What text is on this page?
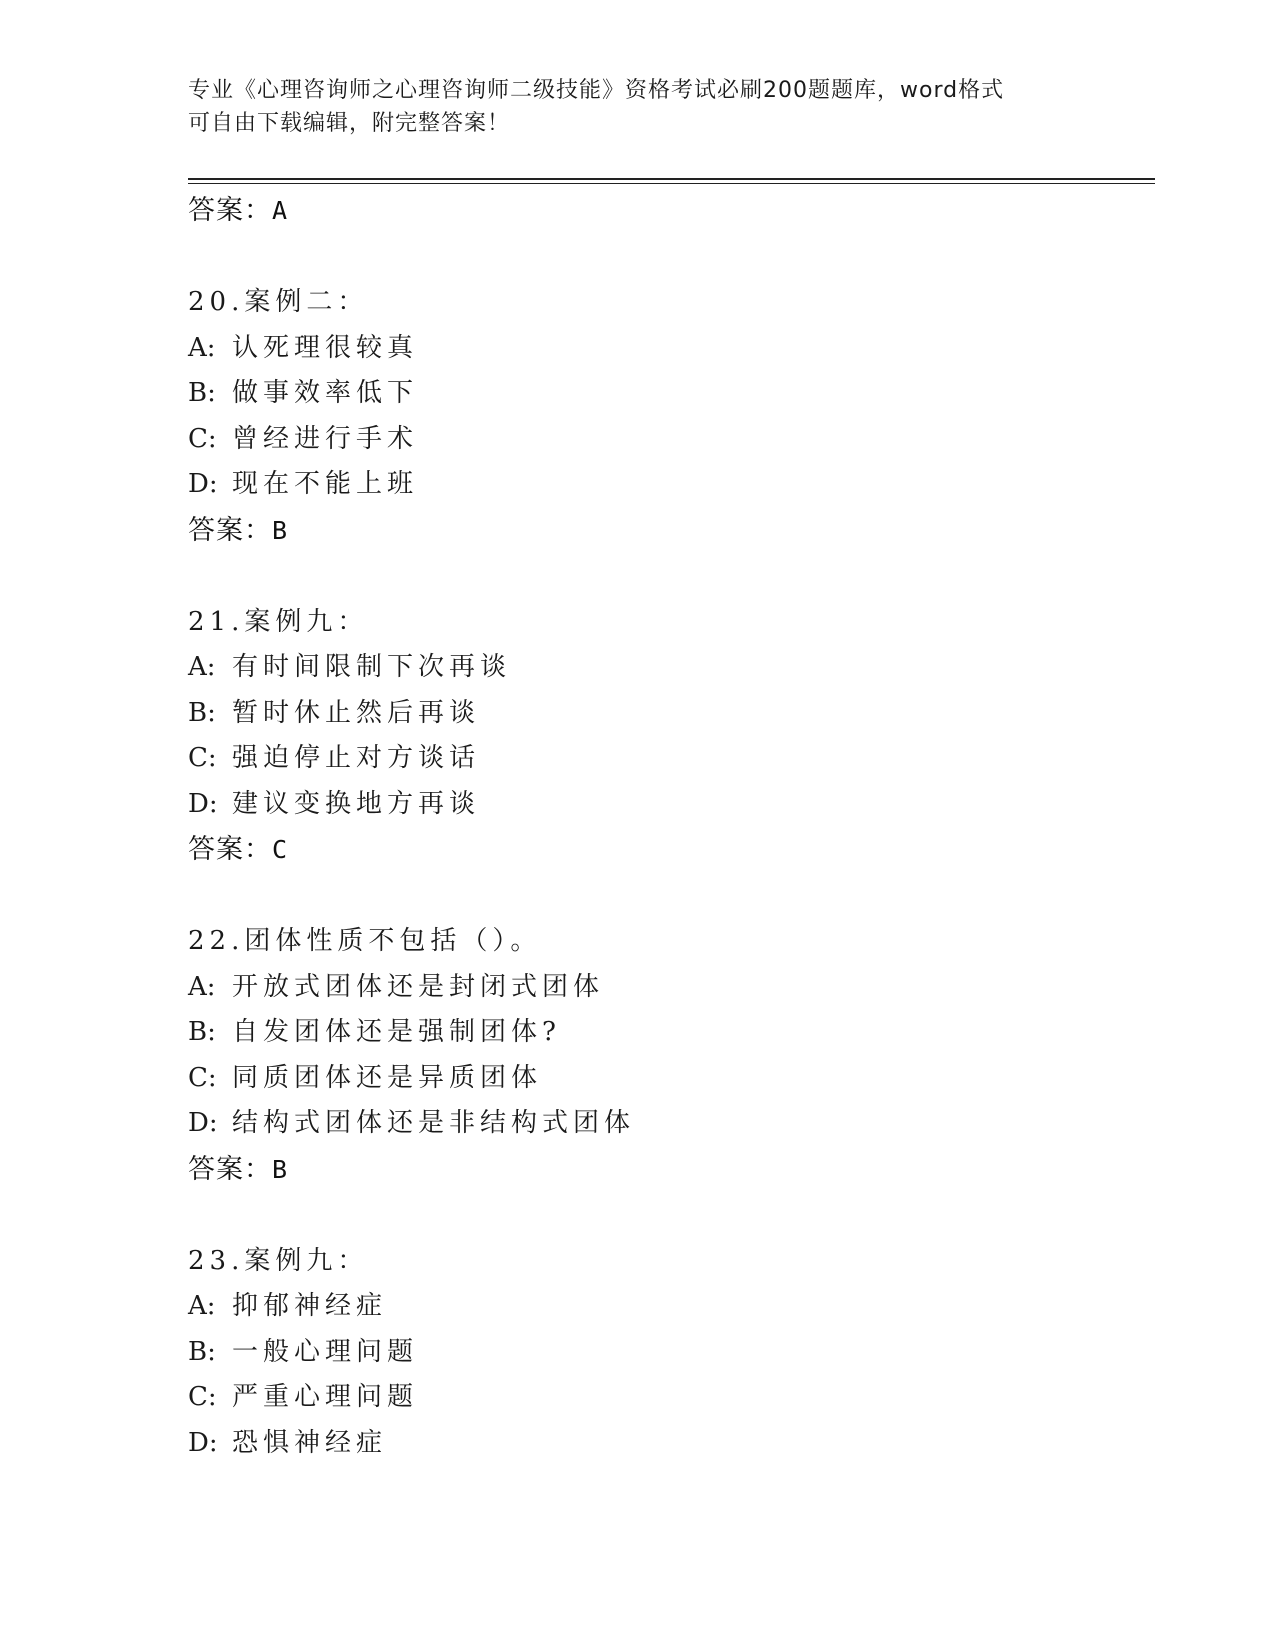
专业《心理咨询师之心理咨询师二级技能》资格考试必刷200题题库，word格式
可自由下载编辑，附完整答案！
答案：A
20.案例二：
A: 认死理很较真
B: 做事效率低下
C: 曾经进行手术
D: 现在不能上班
答案：B
21.案例九：
A: 有时间限制下次再谈
B: 暂时休止然后再谈
C: 强迫停止对方谈话
D: 建议变换地方再谈
答案：C
22.团体性质不包括（）。
A: 开放式团体还是封闭式团体
B: 自发团体还是强制团体?
C: 同质团体还是异质团体
D: 结构式团体还是非结构式团体
答案：B
23.案例九：
A: 抑郁神经症
B: 一般心理问题
C: 严重心理问题
D: 恐惧神经症
